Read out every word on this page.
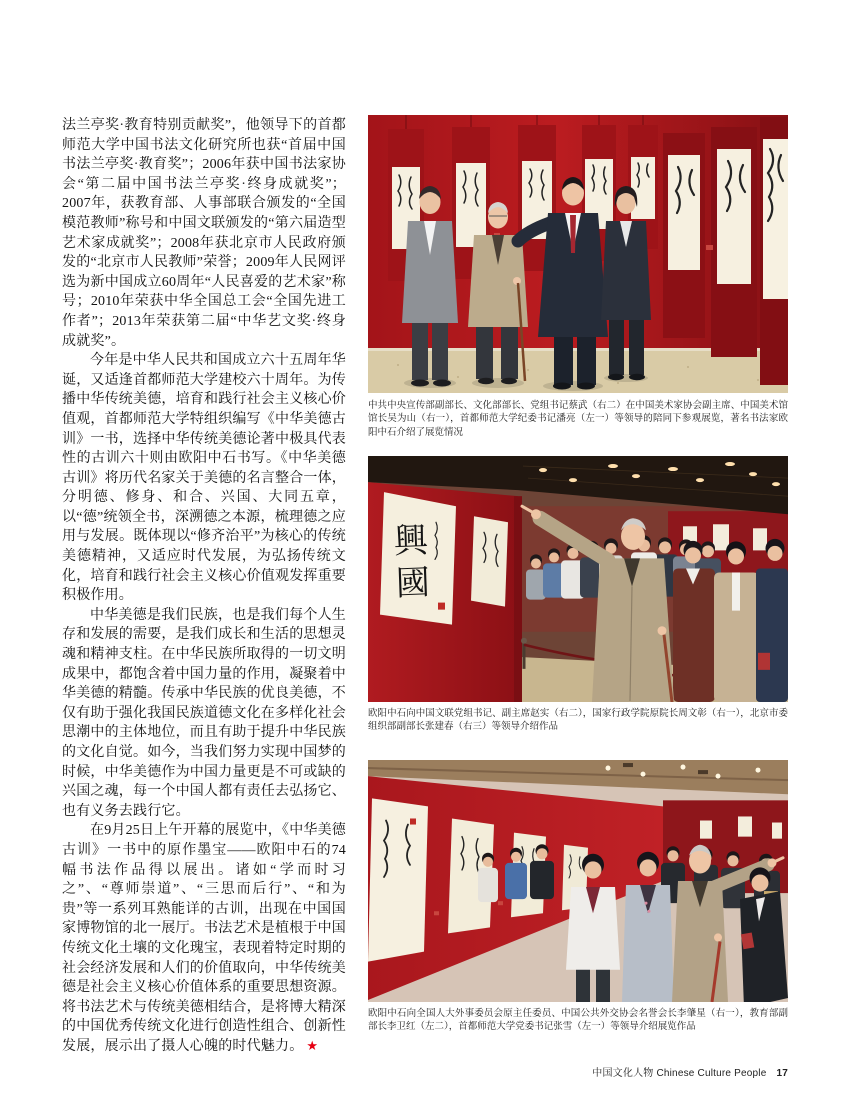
法兰亭奖·教育特别贡献奖”，他领导下的首都师范大学中国书法文化研究所也获“首届中国书法兰亭奖·教育奖”；2006年获中国书法家协会“第二届中国书法兰亭奖·终身成就奖”； 2007年，获教育部、人事部联合颁发的“全国模范教师”称号和中国文联颁发的“第六届造型艺术家成就奖”；2008年获北京市人民政府颁发的“北京市人民教师”荣誉；2009年人民网评选为新中国成立60周年“人民喜爱的艺术家”称号；2010年荣获中华全国总工会“全国先进工作者”；2013年荣获第二届“中华艺文奖·终身成就奖”。

今年是中华人民共和国成立六十五周年华诞，又适逢首都师范大学建校六十周年。为传播中华传统美德，培育和践行社会主义核心价值观，首都师范大学特组织编写《中华美德古训》一书，选择中华传统美德论著中极具代表性的古训六十则由欧阳中石书写。《中华美德古训》将历代名家关于美德的名言整合一体，分明德、修身、和合、兴国、大同五章，以“德”统领全书，深溯德之本源，梳理德之应用与发展。既体现以“修齐治平”为核心的传统美德精神，又适应时代发展，为弘扬传统文化，培育和践行社会主义核心价值观发挥重要积极作用。

中华美德是我们民族，也是我们每个人生存和发展的需要，是我们成长和生活的思想灵魂和精神支柱。在中华民族所取得的一切文明成果中，都饱含着中国力量的作用，凝聚着中华美德的精髓。传承中华民族的优良美德，不仅有助于强化我国民族道德文化在多样化社会思潮中的主体地位，而且有助于提升中华民族的文化自觉。如今，当我们努力实现中国梦的时候，中华美德作为中国力量更是不可或缺的兴国之魂，每一个中国人都有责任去弘扬它、也有义务去践行它。

在9月25日上午开幕的展览中，《中华美德古训》一书中的原作墨宝——欧阳中石的74幅书法作品得以展出。诸如“学而时习之”、“尊师崇道”、“三思而后行”、“和为贵”等一系列耳熟能详的古训，出现在中国国家博物馆的北一展厅。书法艺术是植根于中国传统文化土壤的文化瑰宝，表现着特定时期的社会经济发展和人们的价值取向，中华传统美德是社会主义核心价值体系的重要思想资源。将书法艺术与传统美德相结合，是将博大精深的中国优秀传统文化进行创造性组合、创新性发展，展示出了摄人心魄的时代魅力。 ★

中共中央宣传部副部长、文化部部长、党组书记蔡武（右二）在中国美术家协会副主席、中国美术馆馆长吴为山（右一），首都师范大学纪委书记潘亮（左一）等领导的陪同下参观展览，著名书法家欧阳中石介绍了展览情况
興
國
欧阳中石向中国文联党组书记、副主席赵实（右二），国家行政学院原院长周文彰（右一），北京市委组织部副部长张建春（右三）等领导介绍作品
欧阳中石向全国人大外事委员会原主任委员、中国公共外交协会名誉会长李肇星（右一），教育部副部长李卫红（左二），首都师范大学党委书记张雪（左一）等领导介绍展览作品
中国文化人物 Chinese Culture People 17
